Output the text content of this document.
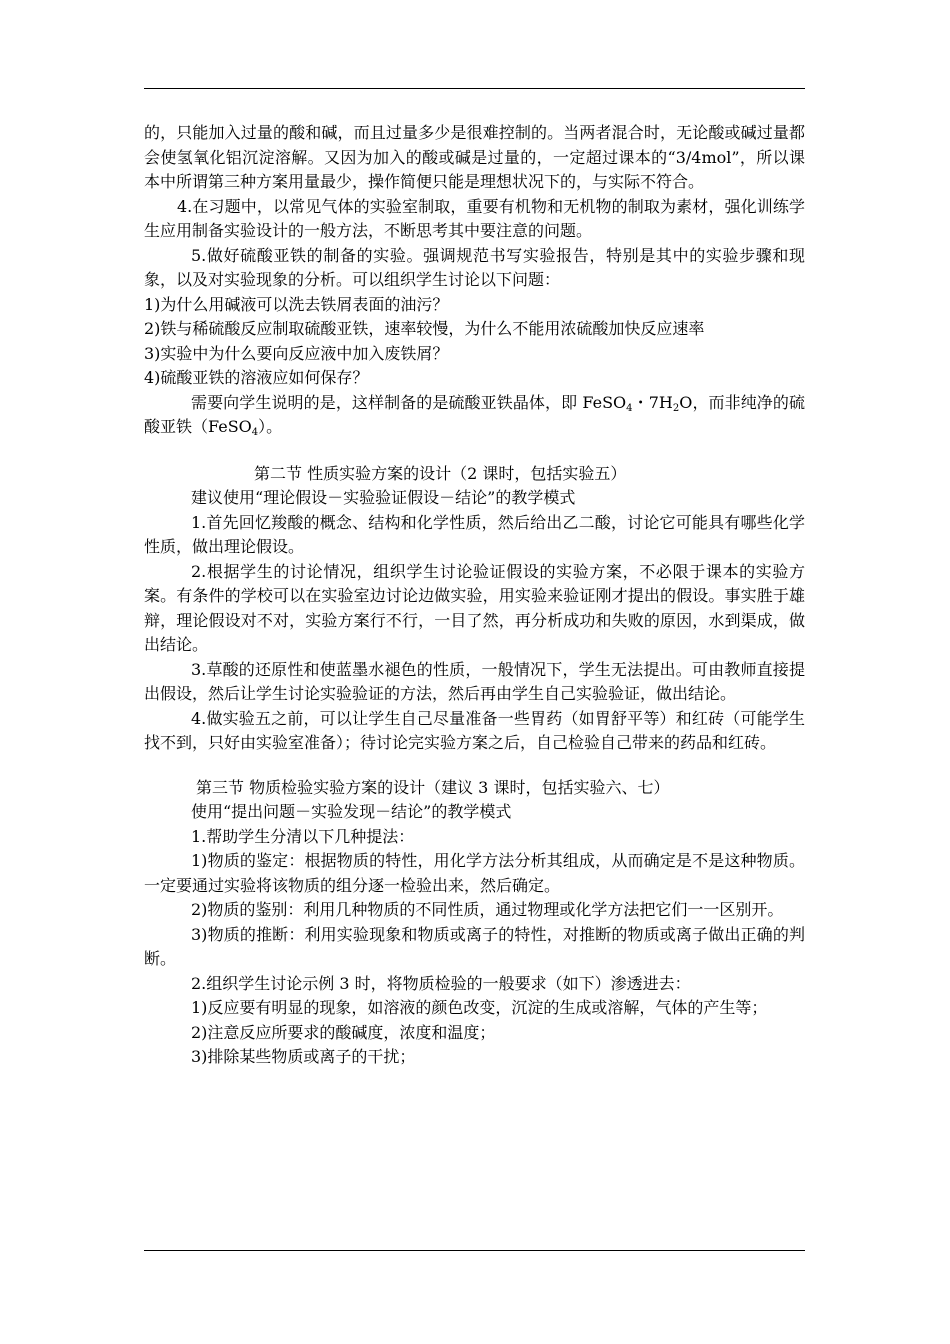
的，只能加入过量的酸和碱，而且过量多少是很难控制的。当两者混合时，无论酸或碱过量都会使氢氧化铝沉淀溶解。又因为加入的酸或碱是过量的，一定超过课本的“3/4mol”，所以课本中所谓第三种方案用量最少，操作简便只能是理想状况下的，与实际不符合。

4.在习题中，以常见气体的实验室制取，重要有机物和无机物的制取为素材，强化训练学生应用制备实验设计的一般方法，不断思考其中要注意的问题。

5.做好硫酸亚铁的制备的实验。强调规范书写实验报告，特别是其中的实验步骤和现象，以及对实验现象的分析。可以组织学生讨论以下问题：

1)为什么用碱液可以洗去铁屑表面的油污？

2)铁与稀硫酸反应制取硫酸亚铁，速率较慢，为什么不能用浓硫酸加快反应速率

3)实验中为什么要向反应液中加入废铁屑？

4)硫酸亚铁的溶液应如何保存？

需要向学生说明的是，这样制备的是硫酸亚铁晶体，即 FeSO$_4$・$7H_2O$，而非纯净的硫酸亚铁（FeSO$_4$）。

第二节 性质实验方案的设计（2 课时，包括实验五）

建议使用“理论假设－实验验证假设－结论”的教学模式

1.首先回忆羧酸的概念、结构和化学性质，然后给出乙二酸，讨论它可能具有哪些化学性质，做出理论假设。

2.根据学生的讨论情况，组织学生讨论验证假设的实验方案，不必限于课本的实验方案。有条件的学校可以在实验室边讨论边做实验，用实验来验证刚才提出的假设。事实胜于雄辩，理论假设对不对，实验方案行不行，一目了然，再分析成功和失败的原因，水到渠成，做出结论。

3.草酸的还原性和使蓝墨水褪色的性质，一般情况下，学生无法提出。可由教师直接提出假设，然后让学生讨论实验验证的方法，然后再由学生自己实验验证，做出结论。

4.做实验五之前，可以让学生自己尽量准备一些胃药（如胃舒平等）和红砖（可能学生找不到，只好由实验室准备）；待讨论完实验方案之后，自己检验自己带来的药品和红砖。

第三节 物质检验实验方案的设计（建议 3 课时，包括实验六、七）

使用“提出问题－实验发现－结论”的教学模式

1.帮助学生分清以下几种提法：

1)物质的鉴定：根据物质的特性，用化学方法分析其组成，从而确定是不是这种物质。一定要通过实验将该物质的组分逐一检验出来，然后确定。

2)物质的鉴别：利用几种物质的不同性质，通过物理或化学方法把它们一一区别开。

3)物质的推断：利用实验现象和物质或离子的特性，对推断的物质或离子做出正确的判断。

2.组织学生讨论示例 3 时，将物质检验的一般要求（如下）渗透进去：

1)反应要有明显的现象，如溶液的颜色改变，沉淀的生成或溶解，气体的产生等；

2)注意反应所要求的酸碱度，浓度和温度；

3)排除某些物质或离子的干扰；
